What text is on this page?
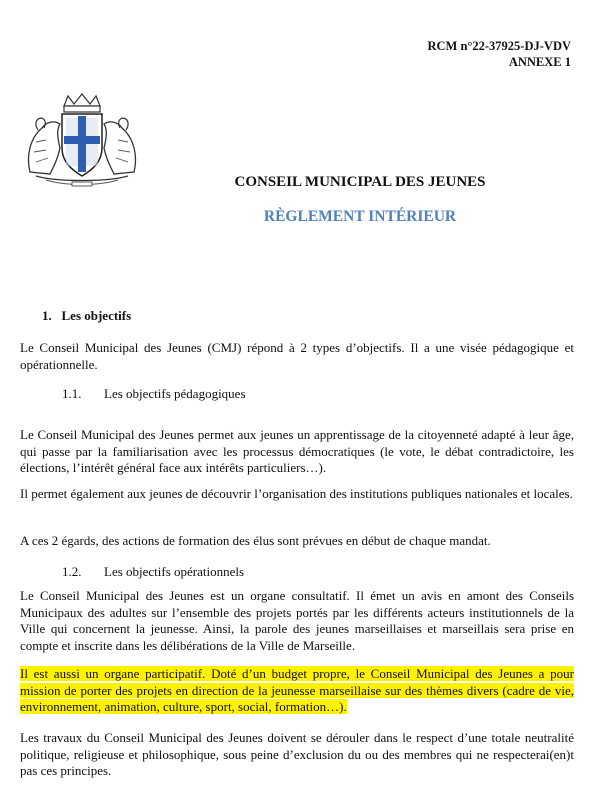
RCM n°22-37925-DJ-VDV
ANNEXE 1
CONSEIL MUNICIPAL DES JEUNES
RÈGLEMENT INTÉRIEUR
1.   Les objectifs

Le Conseil Municipal des Jeunes (CMJ) répond à 2 types d’objectifs. Il a une visée pédagogique et opérationnelle.

1.1. Les objectifs pédagogiques

Le Conseil Municipal des Jeunes permet aux jeunes un apprentissage de la citoyenneté adapté à leur âge, qui passe par la familiarisation avec les processus démocratiques (le vote, le débat contradictoire, les élections, l’intérêt général face aux intérêts particuliers…).

Il permet également aux jeunes de découvrir l’organisation des institutions publiques nationales et locales.

A ces 2 égards, des actions de formation des élus sont prévues en début de chaque mandat.

1.2. Les objectifs opérationnels

Le Conseil Municipal des Jeunes est un organe consultatif. Il émet un avis en amont des Conseils Municipaux des adultes sur l’ensemble des projets portés par les différents acteurs institutionnels de la Ville qui concernent la jeunesse. Ainsi, la parole des jeunes marseillaises et marseillais sera prise en compte et inscrite dans les délibérations de la Ville de Marseille.

Il est aussi un organe participatif. Doté d’un budget propre, le Conseil Municipal des Jeunes a pour mission de porter des projets en direction de la jeunesse marseillaise sur des thèmes divers (cadre de vie, environnement, animation, culture, sport, social, formation…).

Les travaux du Conseil Municipal des Jeunes doivent se dérouler dans le respect d’une totale neutralité politique, religieuse et philosophique, sous peine d’exclusion du ou des membres qui ne respecterai(en)t pas ces principes.
